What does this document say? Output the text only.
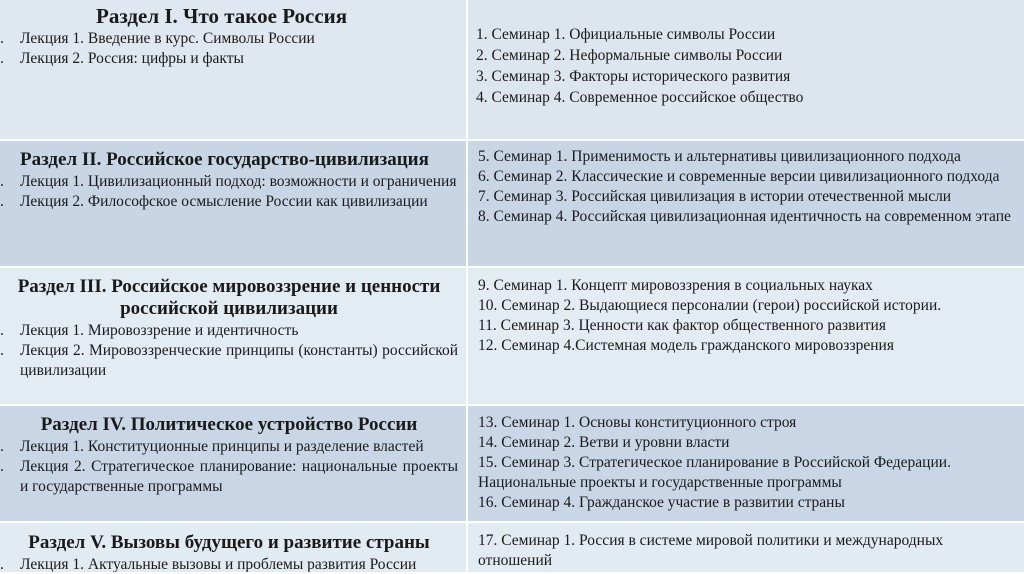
Раздел I. Что такое Россия

. Лекция 1. Введение в курс. Символы России

. Лекция 2. Россия: цифры и факты

1. Семинар 1. Официальные символы России

2. Семинар 2. Неформальные символы России

3. Семинар 3. Факторы исторического развития

4. Семинар 4. Современное российское общество

Раздел II. Российское государство-цивилизация

. Лекция 1. Цивилизационный подход: возможности и ограничения

. Лекция 2. Философское осмысление России как цивилизации

5. Семинар 1. Применимость и альтернативы цивилизационного подхода

6. Семинар 2. Классические и современные версии цивилизационного подхода

7. Семинар 3. Российская цивилизация в истории отечественной мысли

8. Семинар 4. Российская цивилизационная идентичность на современном этапе

Раздел III. Российское мировоззрение и ценности российской цивилизации

. Лекция 1. Мировоззрение и идентичность

. Лекция 2. Мировоззренческие принципы (константы) российской цивилизации

9. Семинар 1. Концепт мировоззрения в социальных науках

10. Семинар 2. Выдающиеся персоналии (герои) российской истории.

11. Семинар 3. Ценности как фактор общественного развития

12. Семинар 4.Системная модель гражданского мировоззрения

Раздел IV. Политическое устройство России

. Лекция 1. Конституционные принципы и разделение властей

. Лекция 2. Стратегическое планирование: национальные проекты и государственные программы

13. Семинар 1. Основы конституционного строя

14. Семинар 2. Ветви и уровни власти

15. Семинар 3. Стратегическое планирование в Российской Федерации. Национальные проекты и государственные программы

16. Семинар 4. Гражданское участие в развитии страны

Раздел V. Вызовы будущего и развитие страны

. Лекция 1. Актуальные вызовы и проблемы развития России

17. Семинар 1. Россия в системе мировой политики и международных отношений
